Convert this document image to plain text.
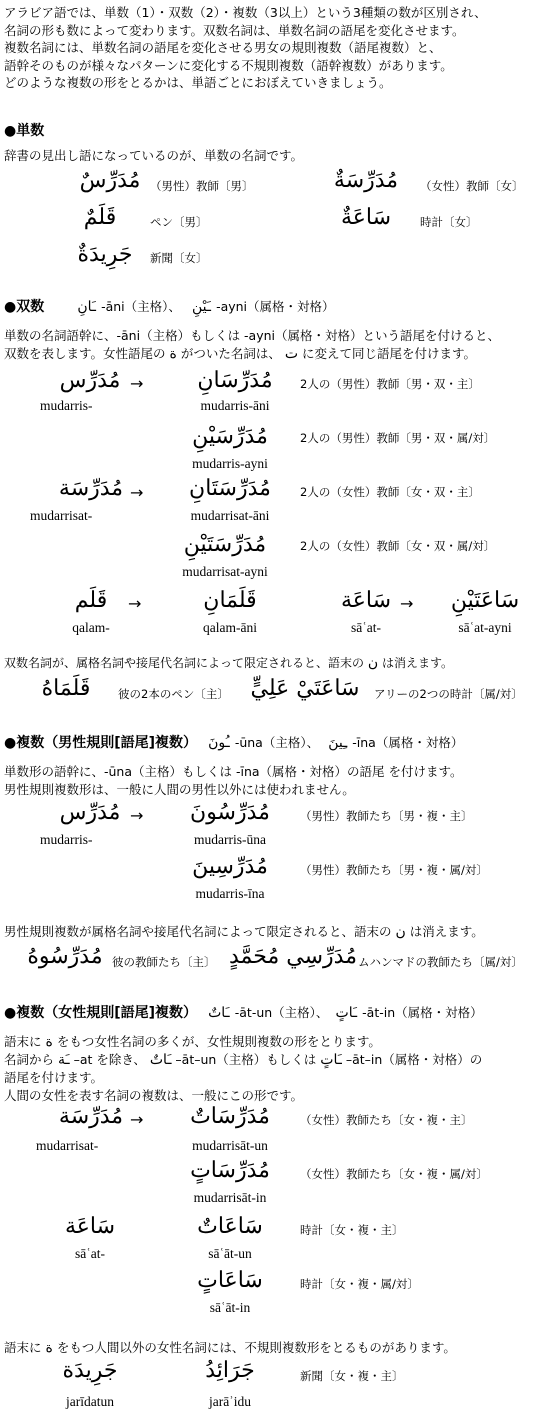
アラビア語では、単数（1）・双数（2）・複数（3以上）という3種類の数が区別され、
名詞の形も数によって変わります。双数名詞は、単数名詞の語尾を変化させます。
複数名詞には、単数名詞の語尾を変化させる男女の規則複数（語尾複数）と、
語幹そのものが様々なパターンに変化する不規則複数（語幹複数）があります。
どのような複数の形をとるかは、単語ごとにおぼえていきましょう。
●単数
辞書の見出し語になっているのが、単数の名詞です。
مُدَرِّسٌ （男性）教師〔男〕	مُدَرِّسَةٌ	（女性）教師〔女〕
قَلَمٌ	ペン〔男〕	سَاعَةٌ	時計〔女〕
جَرِيدَةٌ	新聞〔女〕
●双数 ـَانِ -āni（主格）、 ـَيْنِ -ayni（属格・対格）
単数の名詞語幹に、-āni（主格）もしくは -ayni（属格・対格）という語尾を付けると、
双数を表します。女性語尾の ة がついた名詞は、 ت に変えて同じ語尾を付けます。
مُدَرِّس →	مُدَرِّسَانِ	2人の（男性）教師〔男・双・主〕
mudarris-	mudarris-āni
مُدَرِّسَيْنِ	2人の（男性）教師〔男・双・属/対〕
mudarris-ayni
مُدَرِّسَة →	مُدَرِّسَتَانِ	2人の（女性）教師〔女・双・主〕
mudarrisat-	mudarrisat-āni
مُدَرِّسَتَيْنِ	2人の（女性）教師〔女・双・属/対〕
mudarrisat-ayni
قَلَم	→	قَلَمَانِ	سَاعَة →	سَاعَتَيْنِ
qalam-	qalam-āni	sāʿat-	sāʿat-ayni
双数名詞が、属格名詞や接尾代名詞によって限定されると、語末の ن は消えます。
قَلَمَاهُ	彼の2本のペン〔主〕 سَاعَتَيْ عَلِيٍّ	アリーの2つの時計〔属/対〕
●複数（男性規則[語尾]複数） ـُونَ -ūna（主格）、 ـِينَ -īna（属格・対格）
単数形の語幹に、-ūna（主格）もしくは -īna（属格・対格）の語尾 を付けます。
男性規則複数形は、一般に人間の男性以外には使われません。
مُدَرِّس →	مُدَرِّسُونَ	（男性）教師たち〔男・複・主〕
mudarris-	mudarris-ūna
مُدَرِّسِينَ	（男性）教師たち〔男・複・属/対〕
mudarris-īna
男性規則複数が属格名詞や接尾代名詞によって限定されると、語末の ن は消えます。
مُدَرِّسُوهُ 彼の教師たち〔主〕 مُدَرِّسِي مُحَمَّدٍ ムハンマドの教師たち〔属/対〕
●複数（女性規則[語尾]複数） ـَاتٌ -āt-un（主格）、 ـَاتٍ -āt-in（属格・対格）
語末に ة をもつ女性名詞の多くが、女性規則複数の形をとります。
名詞から ـَة –at を除き、 ـَاتٌ –āt–un（主格）もしくは ـَاتٍ –āt–in（属格・対格）の
語尾を付けます。
人間の女性を表す名詞の複数は、一般にこの形です。
مُدَرِّسَة →	مُدَرِّسَاتٌ	（女性）教師たち〔女・複・主〕
mudarrisat-	mudarrisāt-un
مُدَرِّسَاتٍ	（女性）教師たち〔女・複・属/対〕
mudarrisāt-in
سَاعَة	سَاعَاتٌ	時計〔女・複・主〕
sāʿat-	sāʿāt-un
سَاعَاتٍ	時計〔女・複・属/対〕
sāʿāt-in
語末に ة をもつ人間以外の女性名詞には、不規則複数形をとるものがあります。
جَرِيدَة	جَرَائِدُ	新聞〔女・複・主〕
jarīdatun	jarāʾidu
